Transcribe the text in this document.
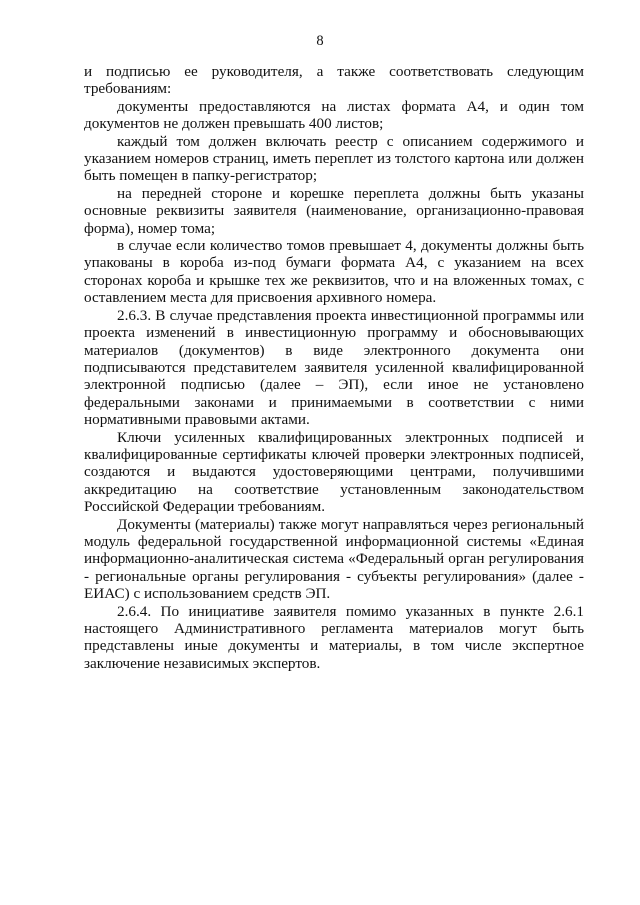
8

и подписью ее руководителя, а также соответствовать следующим требованиям:

документы предоставляются на листах формата А4, и один том документов не должен превышать 400 листов;

каждый том должен включать реестр с описанием содержимого и указанием номеров страниц, иметь переплет из толстого картона или должен быть помещен в папку-регистратор;

на передней стороне и корешке переплета должны быть указаны основные реквизиты заявителя (наименование, организационно-правовая форма), номер тома;

в случае если количество томов превышает 4, документы должны быть упакованы в короба из-под бумаги формата А4, с указанием на всех сторонах короба и крышке тех же реквизитов, что и на вложенных томах, с оставлением места для присвоения архивного номера.

2.6.3. В случае представления проекта инвестиционной программы или проекта изменений в инвестиционную программу и обосновывающих материалов (документов) в виде электронного документа они подписываются представителем заявителя усиленной квалифицированной электронной подписью (далее – ЭП), если иное не установлено федеральными законами и принимаемыми в соответствии с ними нормативными правовыми актами.

Ключи усиленных квалифицированных электронных подписей и квалифицированные сертификаты ключей проверки электронных подписей, создаются и выдаются удостоверяющими центрами, получившими аккредитацию на соответствие установленным законодательством Российской Федерации требованиям.

Документы (материалы) также могут направляться через региональный модуль федеральной государственной информационной системы «Единая информационно-аналитическая система «Федеральный орган регулирования - региональные органы регулирования - субъекты регулирования» (далее - ЕИАС) с использованием средств ЭП.

2.6.4. По инициативе заявителя помимо указанных в пункте 2.6.1 настоящего Административного регламента материалов могут быть представлены иные документы и материалы, в том числе экспертное заключение независимых экспертов.
